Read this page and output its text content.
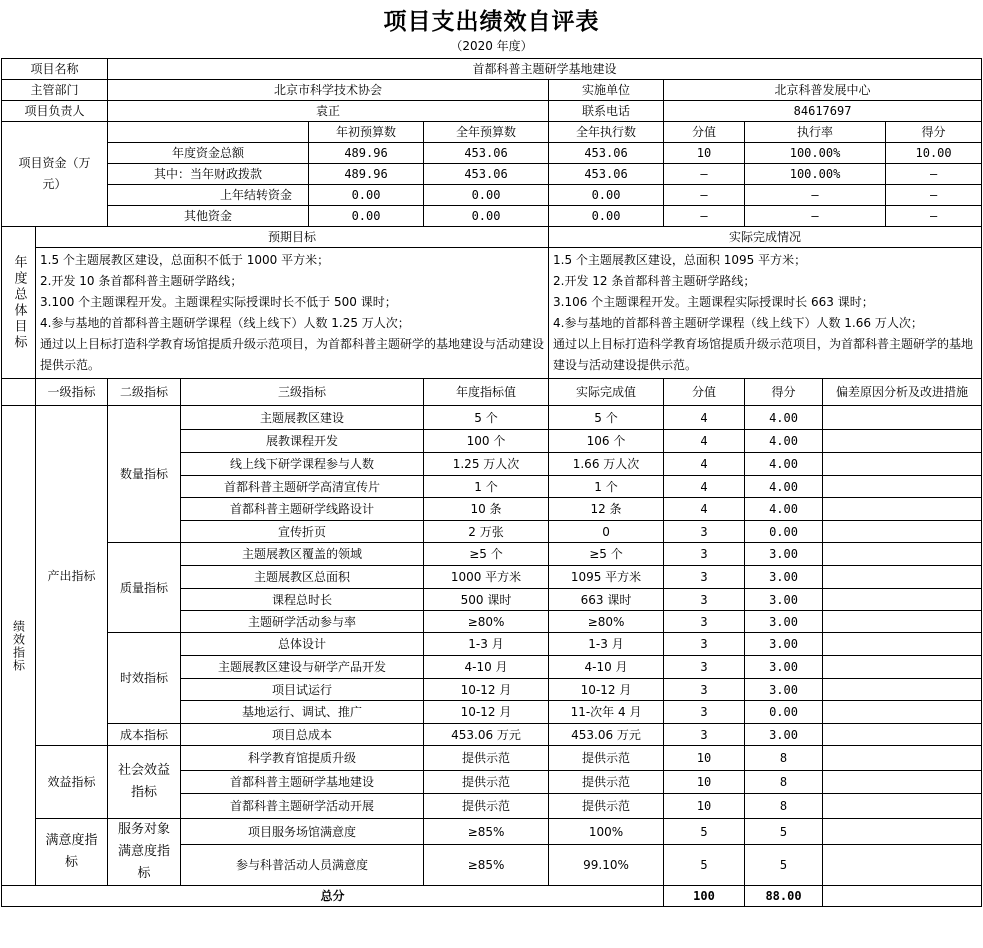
项目支出绩效自评表
（2020 年度）
项目名称		首都科普主题研学基地建设								
主管部门		北京市科学技术协会				实施单位	北京科普发展中心			
项目负责人		袁正				联系电话	84617697			
项目资金（万元）				年初预算数	全年预算数	全年执行数	分值	执行率		得分
		年度资金总额		489.96	453.06	453.06	10	100.00%		10.00
		其中：当年财政拨款		489.96	453.06	453.06	—	100.00%		—
		上年结转资金		0.00	0.00	0.00	—	—		—
		其他资金		0.00	0.00	0.00	—	—		—
年度总体目标	预期目标					实际完成情况				

1.5 个主题展教区建设，总面积不低于 1000 平方米；
2.开发 10 条首都科普主题研学路线；
3.100 个主题课程开发。主题课程实际授课时长不低于 500 课时；
4.参与基地的首都科普主题研学课程（线上线下）人数 1.25 万人次；
通过以上目标打造科学教育场馆提质升级示范项目，为首都科普主题研学的基地建设与活动建设提供示范。

1.5 个主题展教区建设，总面积 1095 平方米；
2.开发 12 条首都科普主题研学路线；
3.106 个主题课程开发。主题课程实际授课时长 663 课时；
4.参与基地的首都科普主题研学课程（线上线下）人数 1.66 万人次；
通过以上目标打造科学教育场馆提质升级示范项目，为首都科普主题研学的基地建设与活动建设提供示范。

	一级指标	二级指标	三级指标		年度指标值	实际完成值	分值	得分	偏差原因分析及改进措施	
绩效指标	产出指标	数量指标	主题展教区建设		5 个	5 个	4	4.00		
			展教课程开发		100 个	106 个	4	4.00		
			线上线下研学课程参与人数		1.25 万人次	1.66 万人次	4	4.00		
			首都科普主题研学高清宣传片		1 个	1 个	4	4.00		
			首都科普主题研学线路设计		10 条	12 条	4	4.00		
			宣传折页		2 万张	0	3	0.00		
		质量指标	主题展教区覆盖的领域		≥5 个	≥5 个	3	3.00		
			主题展教区总面积		1000 平方米	1095 平方米	3	3.00		
			课程总时长		500 课时	663 课时	3	3.00		
			主题研学活动参与率		≥80%	≥80%	3	3.00		
		时效指标	总体设计		1-3 月	1-3 月	3	3.00		
			主题展教区建设与研学产品开发		4-10 月	4-10 月	3	3.00		
			项目试运行		10-12 月	10-12 月	3	3.00		
			基地运行、调试、推广		10-12 月	11-次年 4 月	3	0.00		
		成本指标	项目总成本		453.06 万元	453.06 万元	3	3.00		
	效益指标	社会效益指标	科学教育馆提质升级		提供示范	提供示范	10	8		
			首都科普主题研学基地建设		提供示范	提供示范	10	8		
			首都科普主题研学活动开展		提供示范	提供示范	10	8		
	满意度指标	服务对象满意度指标	项目服务场馆满意度		≥85%	100%	5	5		
			参与科普活动人员满意度		≥85%	99.10%	5	5		
总分							100	88.00		
